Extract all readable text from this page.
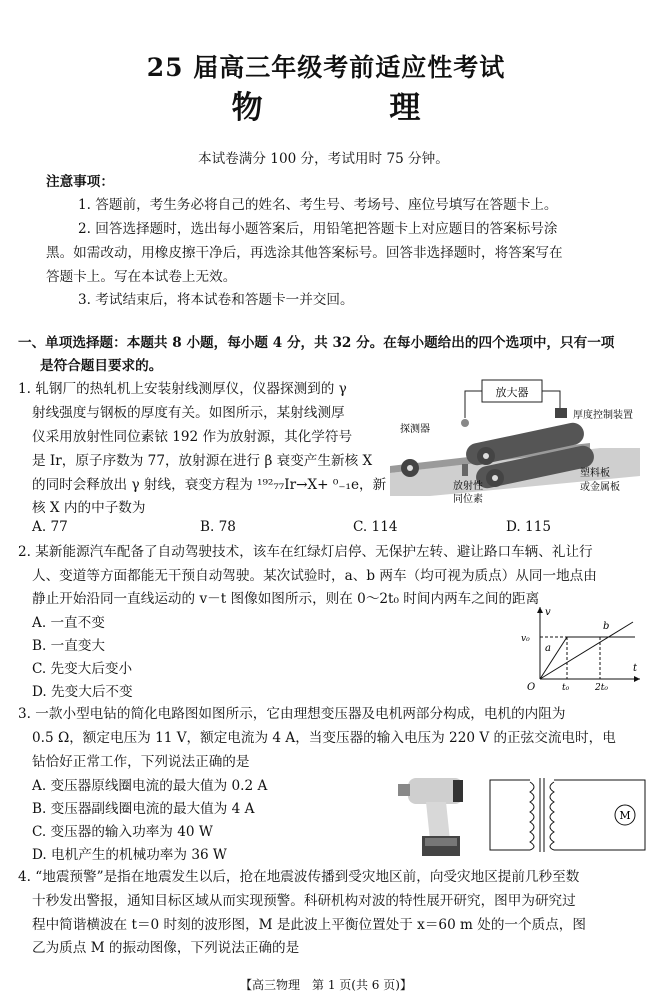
25 届高三年级考前适应性考试
物 理
本试卷满分 100 分，考试用时 75 分钟。
注意事项：
1. 答题前，考生务必将自己的姓名、考生号、考场号、座位号填写在答题卡上。
2. 回答选择题时，选出每小题答案后，用铅笔把答题卡上对应题目的答案标号涂
黑。如需改动，用橡皮擦干净后，再选涂其他答案标号。回答非选择题时，将答案写在
答题卡上。写在本试卷上无效。
3. 考试结束后，将本试卷和答题卡一并交回。
一、单项选择题：本题共 8 小题，每小题 4 分，共 32 分。在每小题给出的四个选项中，只有一项
是符合题目要求的。
1. 轧钢厂的热轧机上安装射线测厚仪，仪器探测到的 γ
射线强度与钢板的厚度有关。如图所示，某射线测厚
仪采用放射性同位素铱 192 作为放射源，其化学符号
是 Ir，原子序数为 77，放射源在进行 β 衰变产生新核 X
的同时会释放出 γ 射线，衰变方程为 ¹⁹²₇₇Ir→X+ ⁰₋₁e，新
核 X 内的中子数为
A. 77	B. 78	C. 114	D. 115
放大器
厚度控制装置
探测器
塑料板
或金属板
放射性
同位素
2. 某新能源汽车配备了自动驾驶技术，该车在红绿灯启停、无保护左转、避让路口车辆、礼让行
人、变道等方面都能无干预自动驾驶。某次试验时，a、b 两车（均可视为质点）从同一地点由
静止开始沿同一直线运动的 v－t 图像如图所示，则在 0～2t₀ 时间内两车之间的距离
A. 一直不变
B. 一直变大
C. 先变大后变小
D. 先变大后不变
v
t
O
v₀
t₀	2t₀
a
b
3. 一款小型电钻的简化电路图如图所示，它由理想变压器及电机两部分构成，电机的内阻为
0.5 Ω，额定电压为 11 V，额定电流为 4 A，当变压器的输入电压为 220 V 的正弦交流电时，电
钻恰好正常工作，下列说法正确的是
A. 变压器原线圈电流的最大值为 0.2 A
B. 变压器副线圈电流的最大值为 4 A
C. 变压器的输入功率为 40 W
D. 电机产生的机械功率为 36 W
M
4. “地震预警”是指在地震发生以后，抢在地震波传播到受灾地区前，向受灾地区提前几秒至数
十秒发出警报，通知目标区域从而实现预警。科研机构对波的特性展开研究，图甲为研究过
程中简谐横波在 t＝0 时刻的波形图，M 是此波上平衡位置处于 x＝60 m 处的一个质点，图
乙为质点 M 的振动图像，下列说法正确的是
【高三物理　第 1 页(共 6 页)】
